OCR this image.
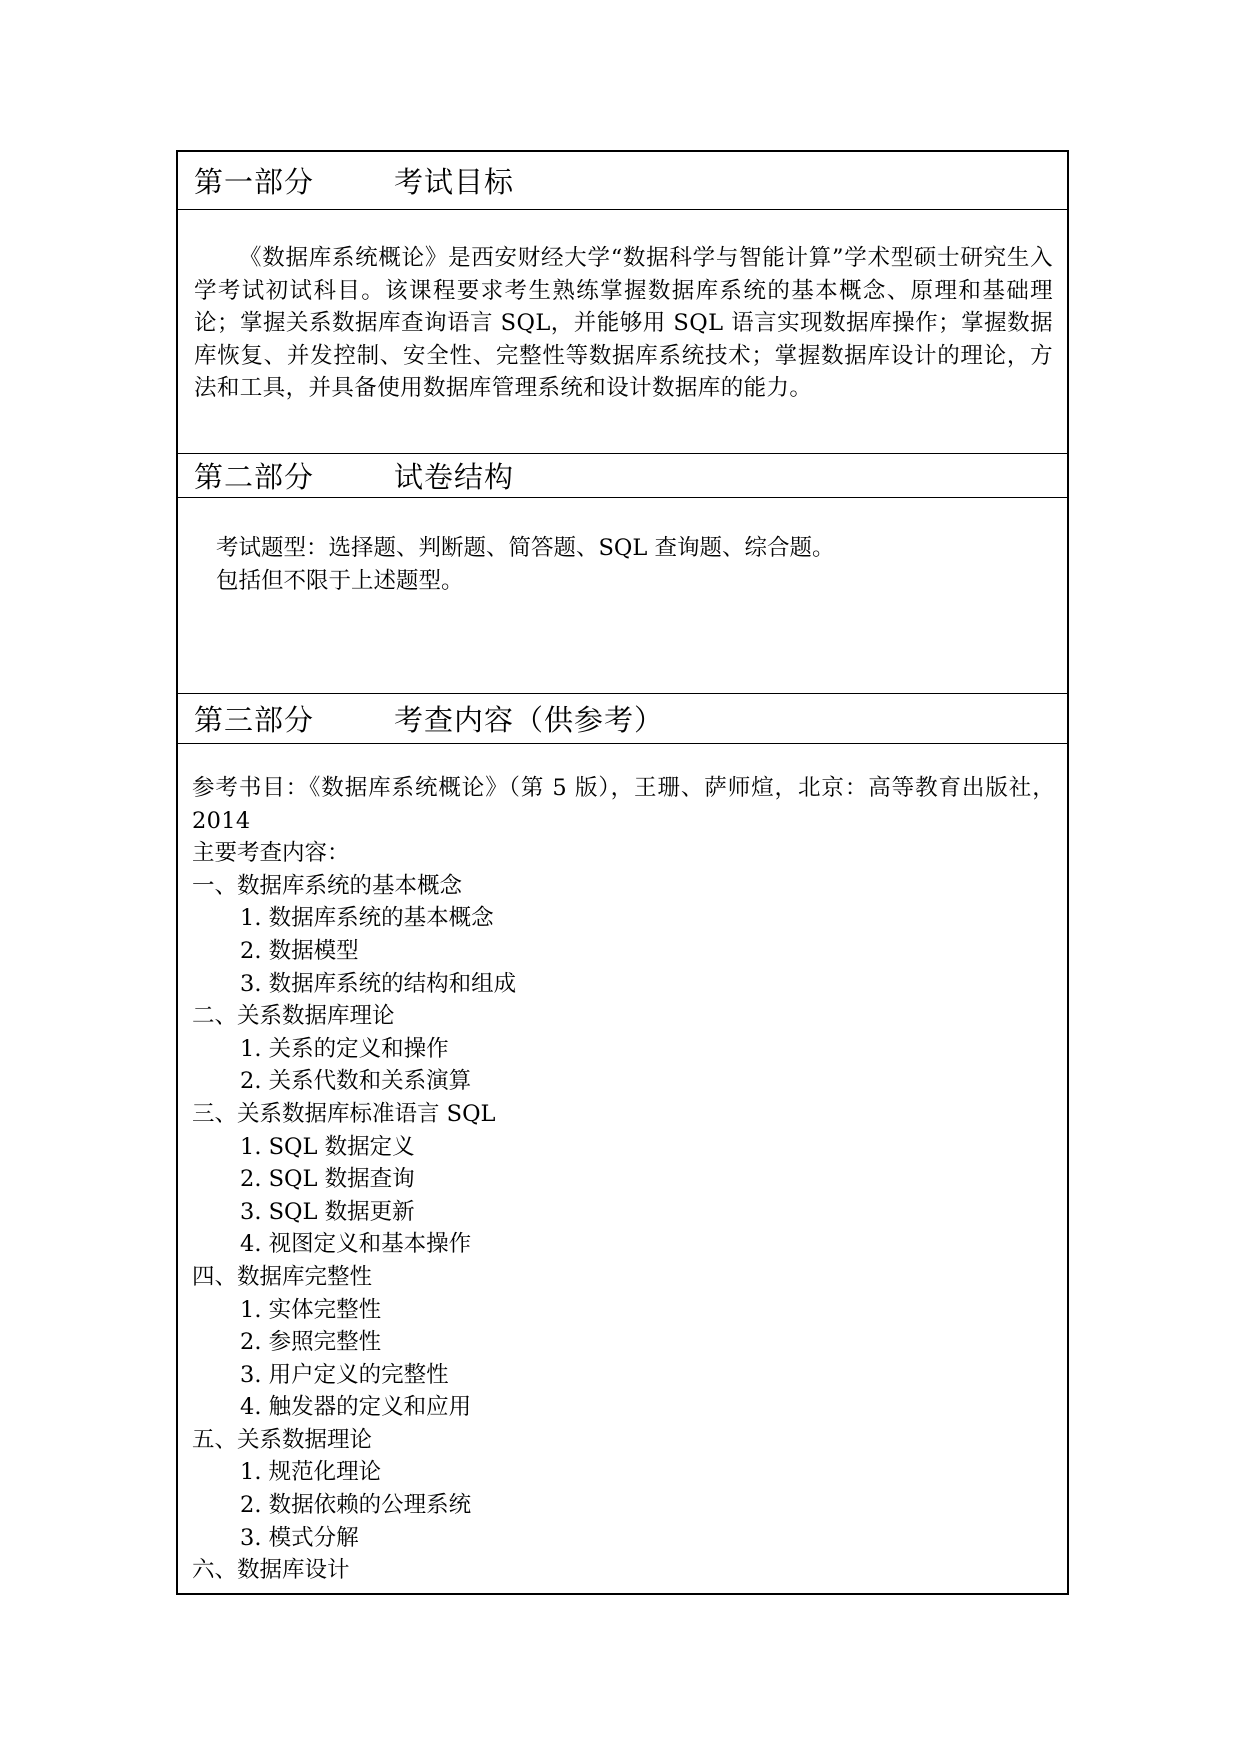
第一部分	考试目标
《数据库系统概论》是西安财经大学“数据科学与智能计算”学术型硕士研究生入学考试初试科目。该课程要求考生熟练掌握数据库系统的基本概念、原理和基础理论；掌握关系数据库查询语言 SQL，并能够用 SQL 语言实现数据库操作；掌握数据库恢复、并发控制、安全性、完整性等数据库系统技术；掌握数据库设计的理论，方法和工具，并具备使用数据库管理系统和设计数据库的能力。
第二部分	试卷结构
考试题型：选择题、判断题、简答题、SQL 查询题、综合题。
包括但不限于上述题型。
第三部分	考查内容（供参考）
参考书目：《数据库系统概论》（第 5 版），王珊、萨师煊，北京：高等教育出版社，2014
主要考查内容：
一、数据库系统的基本概念
1. 数据库系统的基本概念
2. 数据模型
3. 数据库系统的结构和组成
二、关系数据库理论
1. 关系的定义和操作
2. 关系代数和关系演算
三、关系数据库标准语言 SQL
1. SQL 数据定义
2. SQL 数据查询
3. SQL 数据更新
4. 视图定义和基本操作
四、数据库完整性
1. 实体完整性
2. 参照完整性
3. 用户定义的完整性
4. 触发器的定义和应用
五、关系数据理论
1. 规范化理论
2. 数据依赖的公理系统
3. 模式分解
六、数据库设计
